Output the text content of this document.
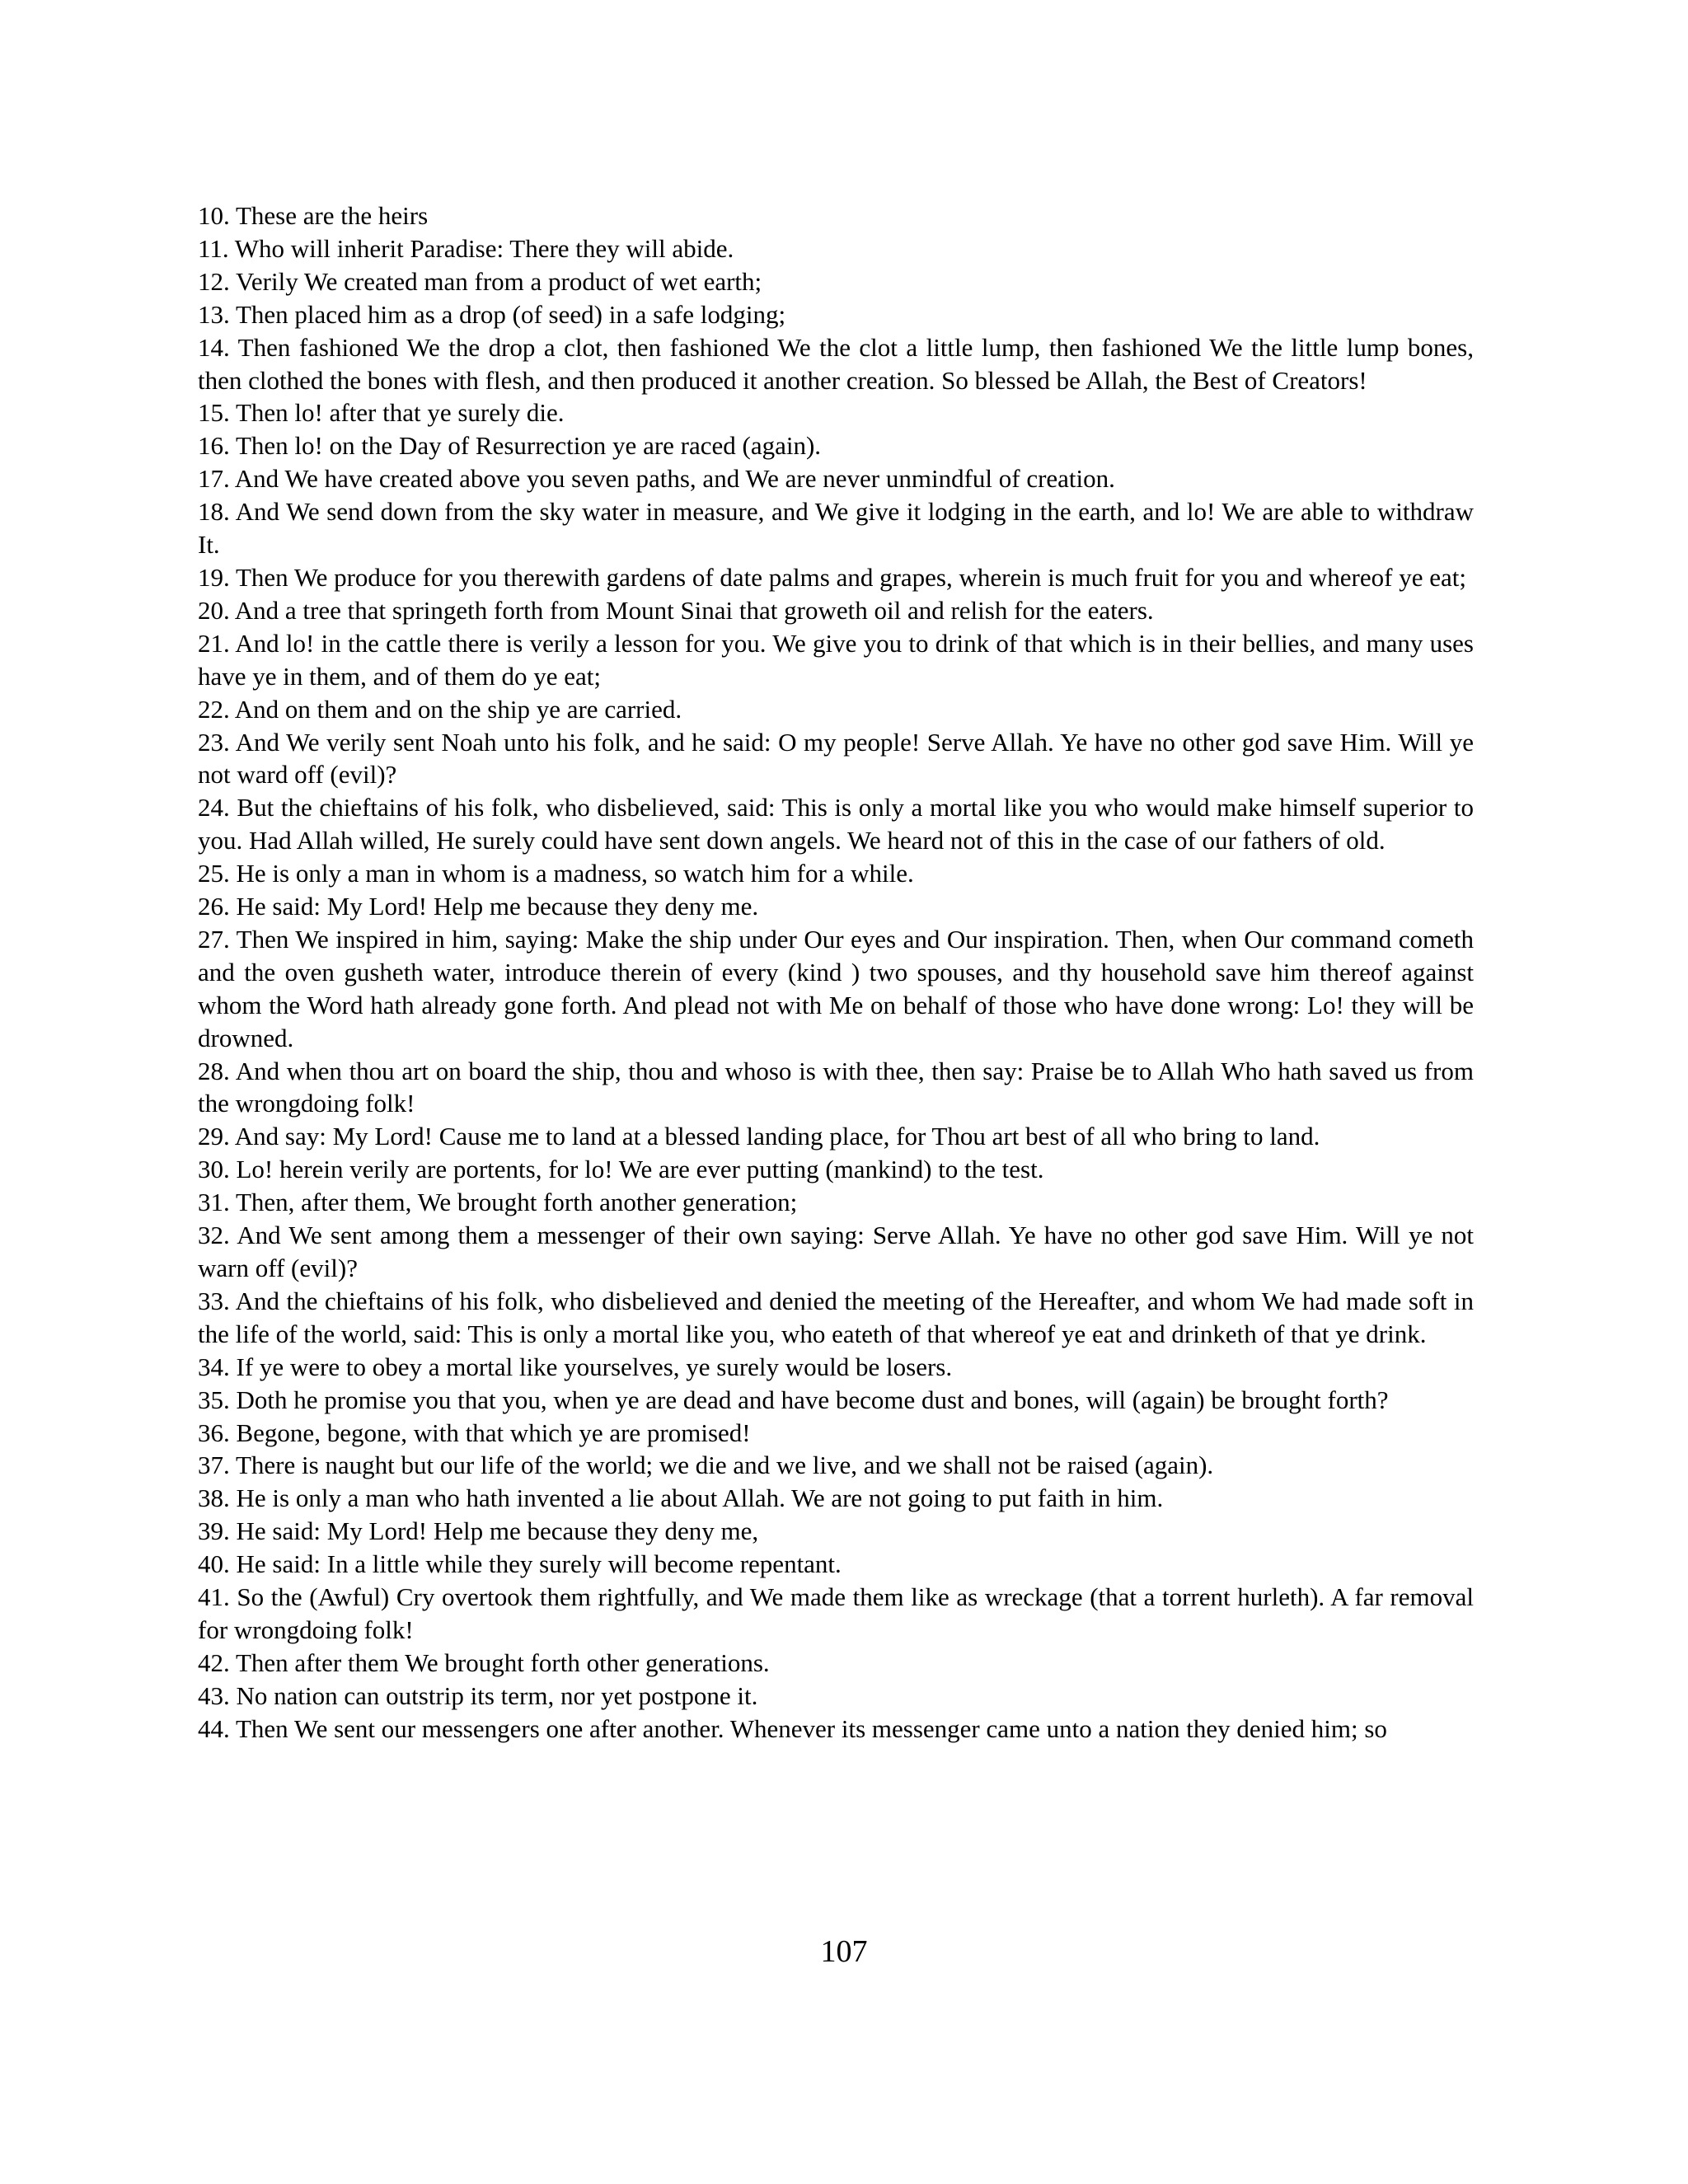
10. These are the heirs

11. Who will inherit Paradise: There they will abide.

12. Verily We created man from a product of wet earth;

13. Then placed him as a drop (of seed) in a safe lodging;

14. Then fashioned We the drop a clot, then fashioned We the clot a little lump, then fashioned We the little lump bones, then clothed the bones with flesh, and then produced it another creation. So blessed be Allah, the Best of Creators!

15. Then lo! after that ye surely die.

16. Then lo! on the Day of Resurrection ye are raced (again).

17. And We have created above you seven paths, and We are never unmindful of creation.

18. And We send down from the sky water in measure, and We give it lodging in the earth, and lo! We are able to withdraw It.

19. Then We produce for you therewith gardens of date palms and grapes, wherein is much fruit for you and whereof ye eat;

20. And a tree that springeth forth from Mount Sinai that groweth oil and relish for the eaters.

21. And lo! in the cattle there is verily a lesson for you. We give you to drink of that which is in their bellies, and many uses have ye in them, and of them do ye eat;

22. And on them and on the ship ye are carried.

23. And We verily sent Noah unto his folk, and he said: O my people! Serve Allah. Ye have no other god save Him. Will ye not ward off (evil)?

24. But the chieftains of his folk, who disbelieved, said: This is only a mortal like you who would make himself superior to you. Had Allah willed, He surely could have sent down angels. We heard not of this in the case of our fathers of old.

25. He is only a man in whom is a madness, so watch him for a while.

26. He said: My Lord! Help me because they deny me.

27. Then We inspired in him, saying: Make the ship under Our eyes and Our inspiration. Then, when Our command cometh and the oven gusheth water, introduce therein of every (kind ) two spouses, and thy household save him thereof against whom the Word hath already gone forth. And plead not with Me on behalf of those who have done wrong: Lo! they will be drowned.

28. And when thou art on board the ship, thou and whoso is with thee, then say: Praise be to Allah Who hath saved us from the wrongdoing folk!

29. And say: My Lord! Cause me to land at a blessed landing place, for Thou art best of all who bring to land.

30. Lo! herein verily are portents, for lo! We are ever putting (mankind) to the test.

31. Then, after them, We brought forth another generation;

32. And We sent among them a messenger of their own saying: Serve Allah. Ye have no other god save Him. Will ye not warn off (evil)?

33. And the chieftains of his folk, who disbelieved and denied the meeting of the Hereafter, and whom We had made soft in the life of the world, said: This is only a mortal like you, who eateth of that whereof ye eat and drinketh of that ye drink.

34. If ye were to obey a mortal like yourselves, ye surely would be losers.

35. Doth he promise you that you, when ye are dead and have become dust and bones, will (again) be brought forth?

36. Begone, begone, with that which ye are promised!

37. There is naught but our life of the world; we die and we live, and we shall not be raised (again).

38. He is only a man who hath invented a lie about Allah. We are not going to put faith in him.

39. He said: My Lord! Help me because they deny me,

40. He said: In a little while they surely will become repentant.

41. So the (Awful) Cry overtook them rightfully, and We made them like as wreckage (that a torrent hurleth). A far removal for wrongdoing folk!

42. Then after them We brought forth other generations.

43. No nation can outstrip its term, nor yet postpone it.

44. Then We sent our messengers one after another. Whenever its messenger came unto a nation they denied him; so

107
